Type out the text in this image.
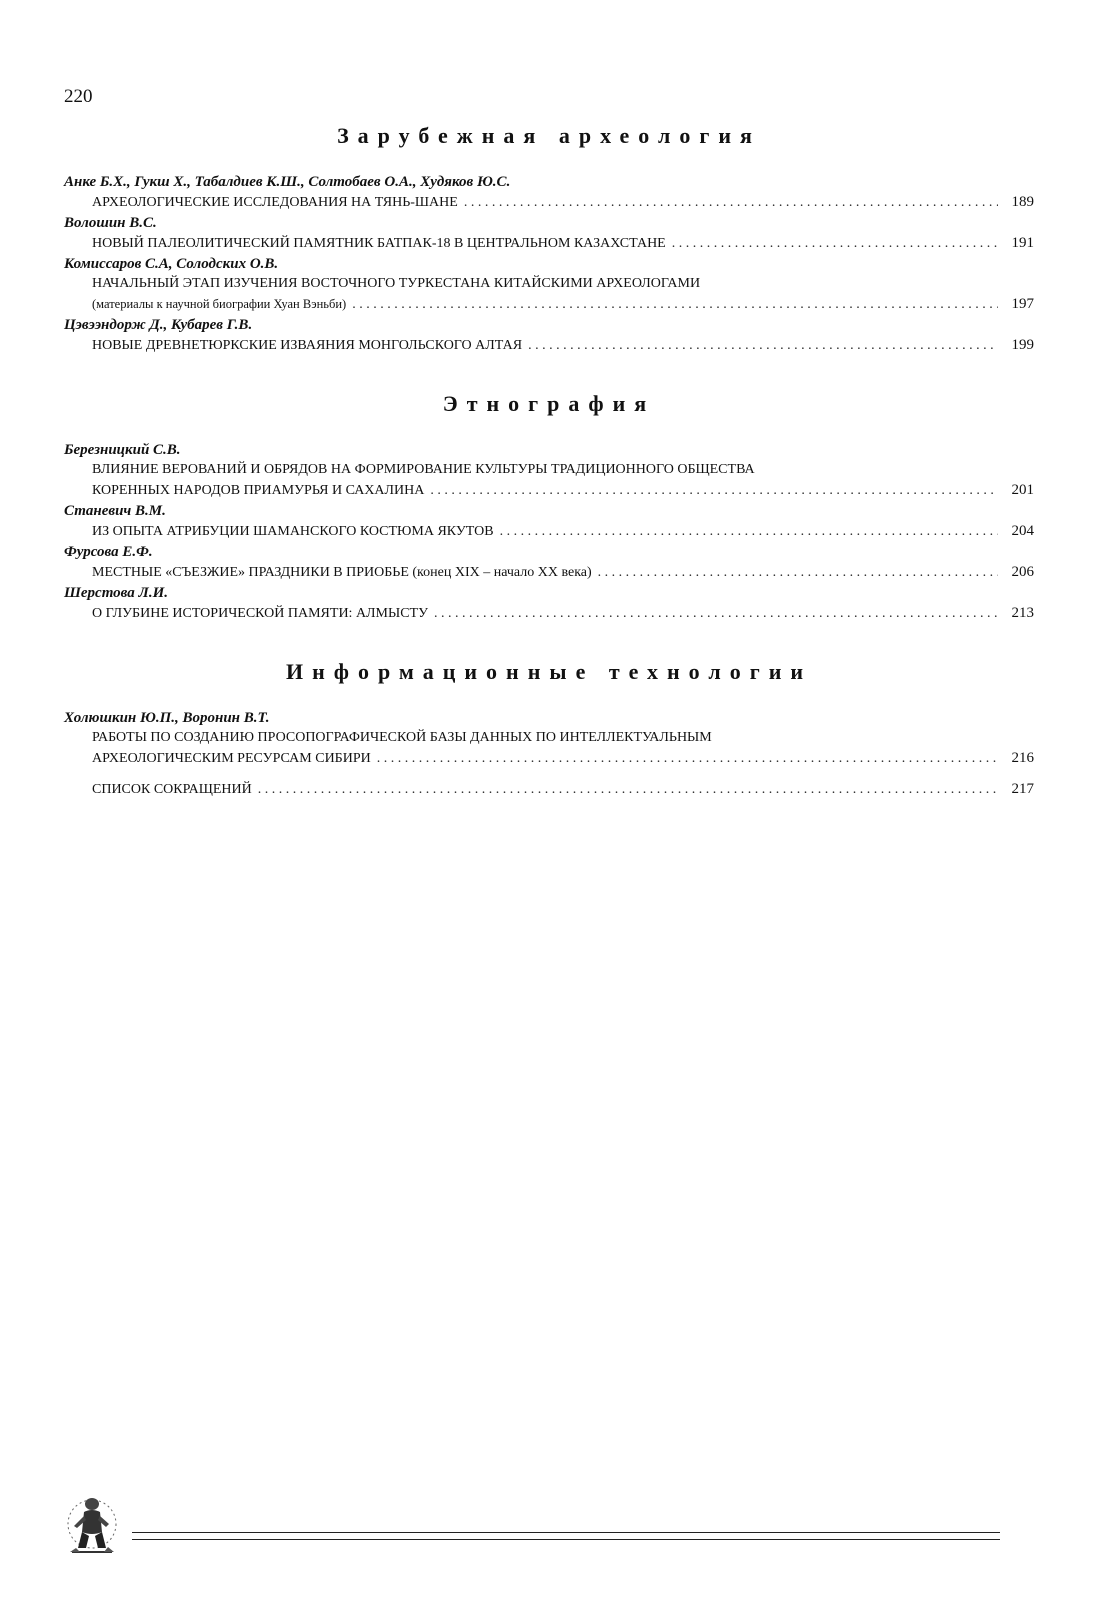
220
Зарубежная археология
Анке Б.Х., Гукш Х., Табалдиев К.Ш., Солтобаев О.А., Худяков Ю.С.
АРХЕОЛОГИЧЕСКИЕ ИССЛЕДОВАНИЯ НА ТЯНЬ-ШАНЕ . . .	189
Волошин В.С.
НОВЫЙ ПАЛЕОЛИТИЧЕСКИЙ ПАМЯТНИК БАТПАК-18 В ЦЕНТРАЛЬНОМ КАЗАХСТАНЕ . . .	191
Комиссаров С.А, Солодских О.В.
НАЧАЛЬНЫЙ ЭТАП ИЗУЧЕНИЯ ВОСТОЧНОГО ТУРКЕСТАНА КИТАЙСКИМИ АРХЕОЛОГАМИ
(материалы к научной биографии Хуан Вэньби) . . .	197
Цэвээндорж Д., Кубарев Г.В.
НОВЫЕ ДРЕВНЕТЮРКСКИЕ ИЗВАЯНИЯ МОНГОЛЬСКОГО АЛТАЯ . . .	199
Этнография
Березницкий С.В.
ВЛИЯНИЕ ВЕРОВАНИЙ И ОБРЯДОВ НА ФОРМИРОВАНИЕ КУЛЬТУРЫ ТРАДИЦИОННОГО ОБЩЕСТВА
КОРЕННЫХ НАРОДОВ ПРИАМУРЬЯ И САХАЛИНА . . .	201
Станевич В.М.
ИЗ ОПЫТА АТРИБУЦИИ ШАМАНСКОГО КОСТЮМА ЯКУТОВ . . .	204
Фурсова Е.Ф.
МЕСТНЫЕ «СЪЕЗЖИЕ» ПРАЗДНИКИ В ПРИОБЬЕ (конец XIX – начало XX века) . . .	206
Шерстова Л.И.
О ГЛУБИНЕ ИСТОРИЧЕСКОЙ ПАМЯТИ: АЛМЫСТУ . . .	213
Информационные технологии
Холюшкин Ю.П., Воронин В.Т.
РАБОТЫ ПО СОЗДАНИЮ ПРОСОПОГРАФИЧЕСКОЙ БАЗЫ ДАННЫХ ПО ИНТЕЛЛЕКТУАЛЬНЫМ
АРХЕОЛОГИЧЕСКИМ РЕСУРСАМ СИБИРИ . . .	216
СПИСОК СОКРАЩЕНИЙ . . .	217
